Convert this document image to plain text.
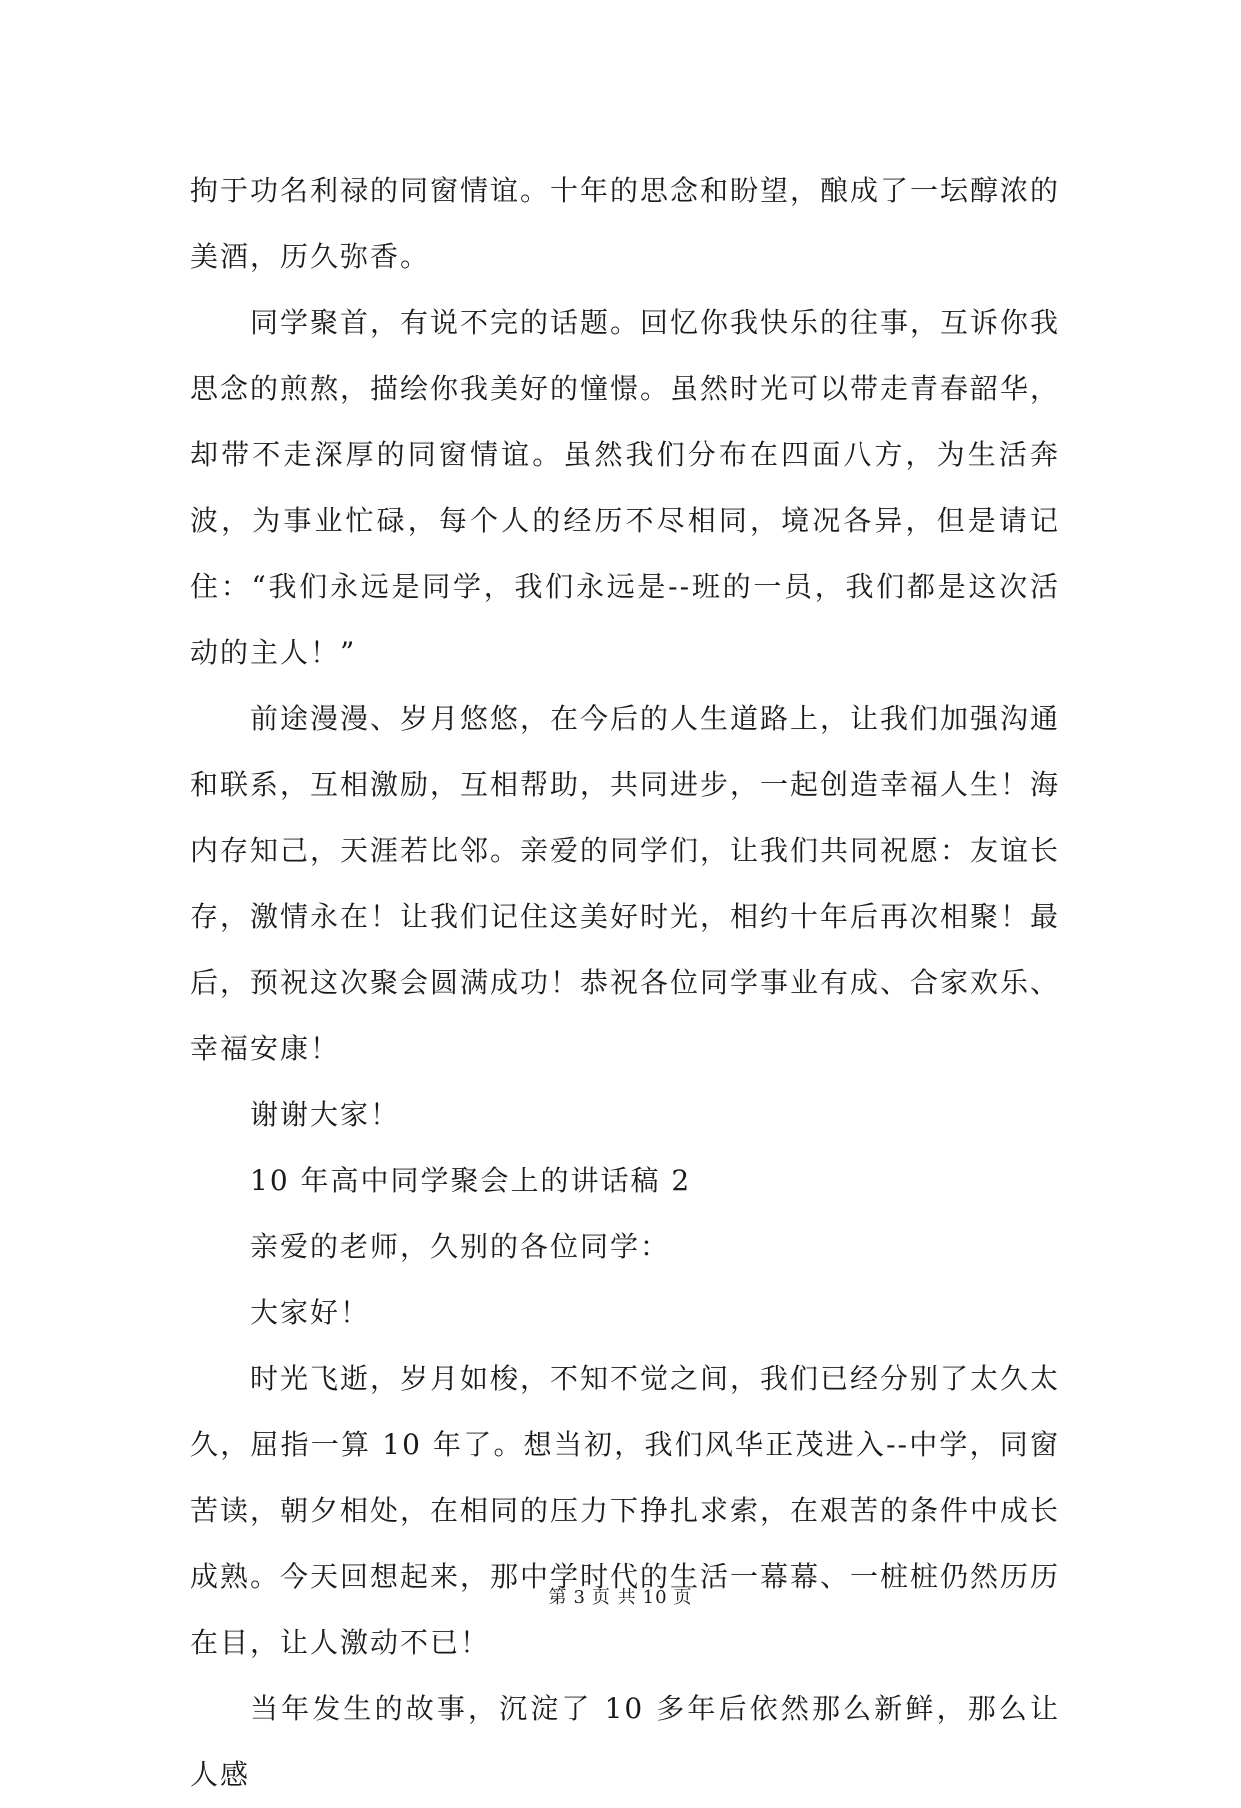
拘于功名利禄的同窗情谊。十年的思念和盼望，酿成了一坛醇浓的美酒，历久弥香。

同学聚首，有说不完的话题。回忆你我快乐的往事，互诉你我思念的煎熬，描绘你我美好的憧憬。虽然时光可以带走青春韶华，却带不走深厚的同窗情谊。虽然我们分布在四面八方，为生活奔波，为事业忙碌，每个人的经历不尽相同，境况各异，但是请记住：“我们永远是同学，我们永远是--班的一员，我们都是这次活动的主人！”

前途漫漫、岁月悠悠，在今后的人生道路上，让我们加强沟通和联系，互相激励，互相帮助，共同进步，一起创造幸福人生！海内存知己，天涯若比邻。亲爱的同学们，让我们共同祝愿：友谊长存，激情永在！让我们记住这美好时光，相约十年后再次相聚！最后，预祝这次聚会圆满成功！恭祝各位同学事业有成、合家欢乐、幸福安康！

谢谢大家！

10 年高中同学聚会上的讲话稿 2

亲爱的老师，久别的各位同学：

大家好！

时光飞逝，岁月如梭，不知不觉之间，我们已经分别了太久太久，屈指一算 10 年了。想当初，我们风华正茂进入--中学，同窗苦读，朝夕相处，在相同的压力下挣扎求索，在艰苦的条件中成长成熟。今天回想起来，那中学时代的生活一幕幕、一桩桩仍然历历在目，让人激动不已！

当年发生的故事，沉淀了 10 多年后依然那么新鲜，那么让人感

第 3 页 共 10 页
